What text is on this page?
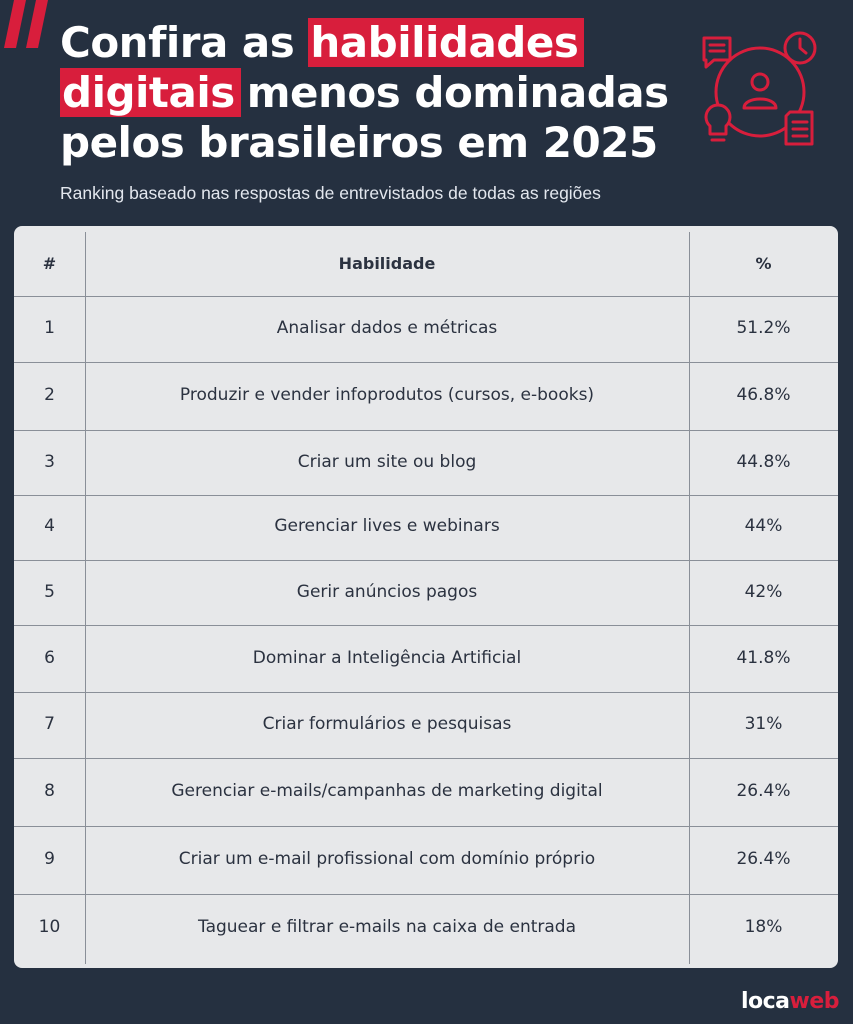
Confira as habilidades
digitais menos dominadas
pelos brasileiros em 2025
Ranking baseado nas respostas de entrevistados de todas as regiões
#	Habilidade	%
1	Analisar dados e métricas	51.2%
2	Produzir e vender infoprodutos (cursos, e-books)	46.8%
3	Criar um site ou blog	44.8%
4	Gerenciar lives e webinars	44%
5	Gerir anúncios pagos	42%
6	Dominar a Inteligência Artificial	41.8%
7	Criar formulários e pesquisas	31%
8	Gerenciar e-mails/campanhas de marketing digital	26.4%
9	Criar um e-mail profissional com domínio próprio	26.4%
10	Taguear e filtrar e-mails na caixa de entrada	18%
locaweb
